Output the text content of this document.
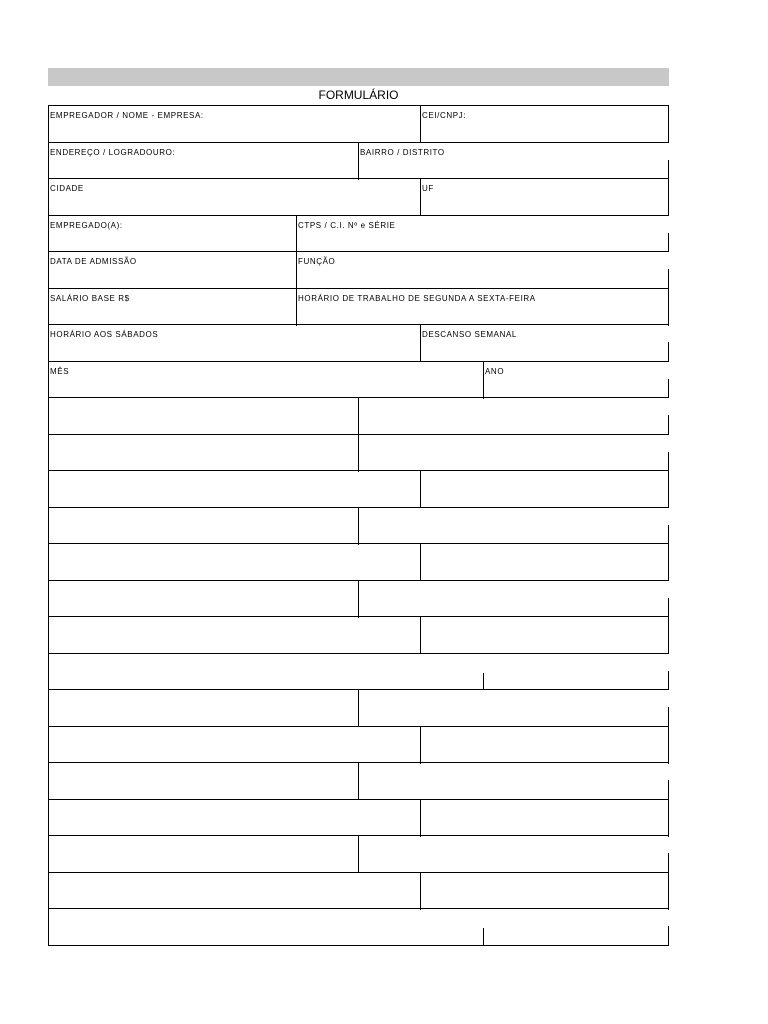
FORMULÁRIO
EMPREGADOR / NOME - EMPRESA:	CEI/CNPJ:
ENDEREÇO / LOGRADOURO:	BAIRRO / DISTRITO
CIDADE	UF
EMPREGADO(A):	CTPS / C.I. Nº e SÉRIE
DATA DE ADMISSÃO	FUNÇÃO
SALÁRIO BASE R$	HORÁRIO DE TRABALHO DE SEGUNDA A SEXTA-FEIRA
HORÁRIO AOS SÁBADOS	DESCANSO SEMANAL
MÊS	ANO
